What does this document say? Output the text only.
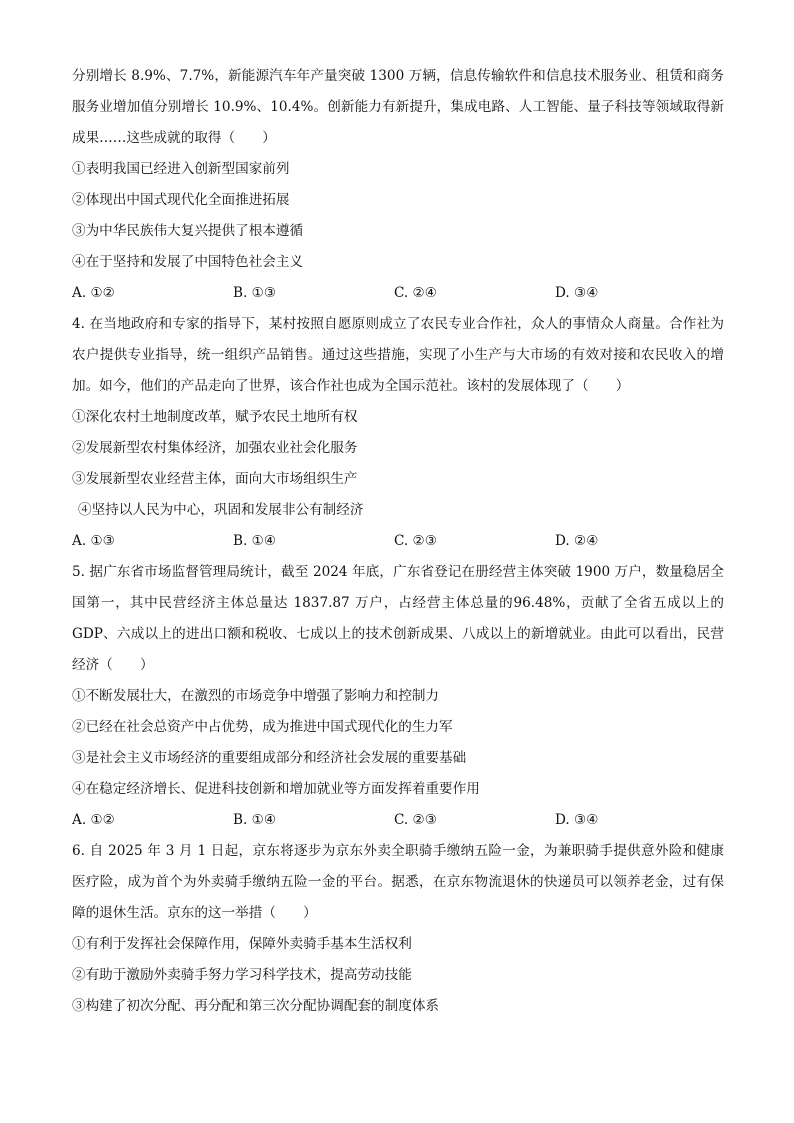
分别增长 8.9%、7.7%，新能源汽车年产量突破 1300 万辆，信息传输软件和信息技术服务业、租赁和商务服务业增加值分别增长 10.9%、10.4%。创新能力有新提升，集成电路、人工智能、量子科技等领域取得新成果……这些成就的取得（　　）

①表明我国已经进入创新型国家前列

②体现出中国式现代化全面推进拓展

③为中华民族伟大复兴提供了根本遵循

④在于坚持和发展了中国特色社会主义

A. ①②	B. ①③	C. ②④	D. ③④

4. 在当地政府和专家的指导下，某村按照自愿原则成立了农民专业合作社，众人的事情众人商量。合作社为农户提供专业指导，统一组织产品销售。通过这些措施，实现了小生产与大市场的有效对接和农民收入的增加。如今，他们的产品走向了世界，该合作社也成为全国示范社。该村的发展体现了（　　）

①深化农村土地制度改革，赋予农民土地所有权

②发展新型农村集体经济，加强农业社会化服务

③发展新型农业经营主体，面向大市场组织生产

④坚持以人民为中心，巩固和发展非公有制经济

A. ①③	B. ①④	C. ②③	D. ②④

5. 据广东省市场监督管理局统计，截至 2024 年底，广东省登记在册经营主体突破 1900 万户，数量稳居全国第一，其中民营经济主体总量达 1837.87 万户，占经营主体总量的96.48%，贡献了全省五成以上的 GDP、六成以上的进出口额和税收、七成以上的技术创新成果、八成以上的新增就业。由此可以看出，民营经济（　　）

①不断发展壮大，在激烈的市场竞争中增强了影响力和控制力

②已经在社会总资产中占优势，成为推进中国式现代化的生力军

③是社会主义市场经济的重要组成部分和经济社会发展的重要基础

④在稳定经济增长、促进科技创新和增加就业等方面发挥着重要作用

A. ①②	B. ①④	C. ②③	D. ③④

6. 自 2025 年 3 月 1 日起，京东将逐步为京东外卖全职骑手缴纳五险一金，为兼职骑手提供意外险和健康医疗险，成为首个为外卖骑手缴纳五险一金的平台。据悉，在京东物流退休的快递员可以领养老金，过有保障的退休生活。京东的这一举措（　　）

①有利于发挥社会保障作用，保障外卖骑手基本生活权利

②有助于激励外卖骑手努力学习科学技术，提高劳动技能

③构建了初次分配、再分配和第三次分配协调配套的制度体系
